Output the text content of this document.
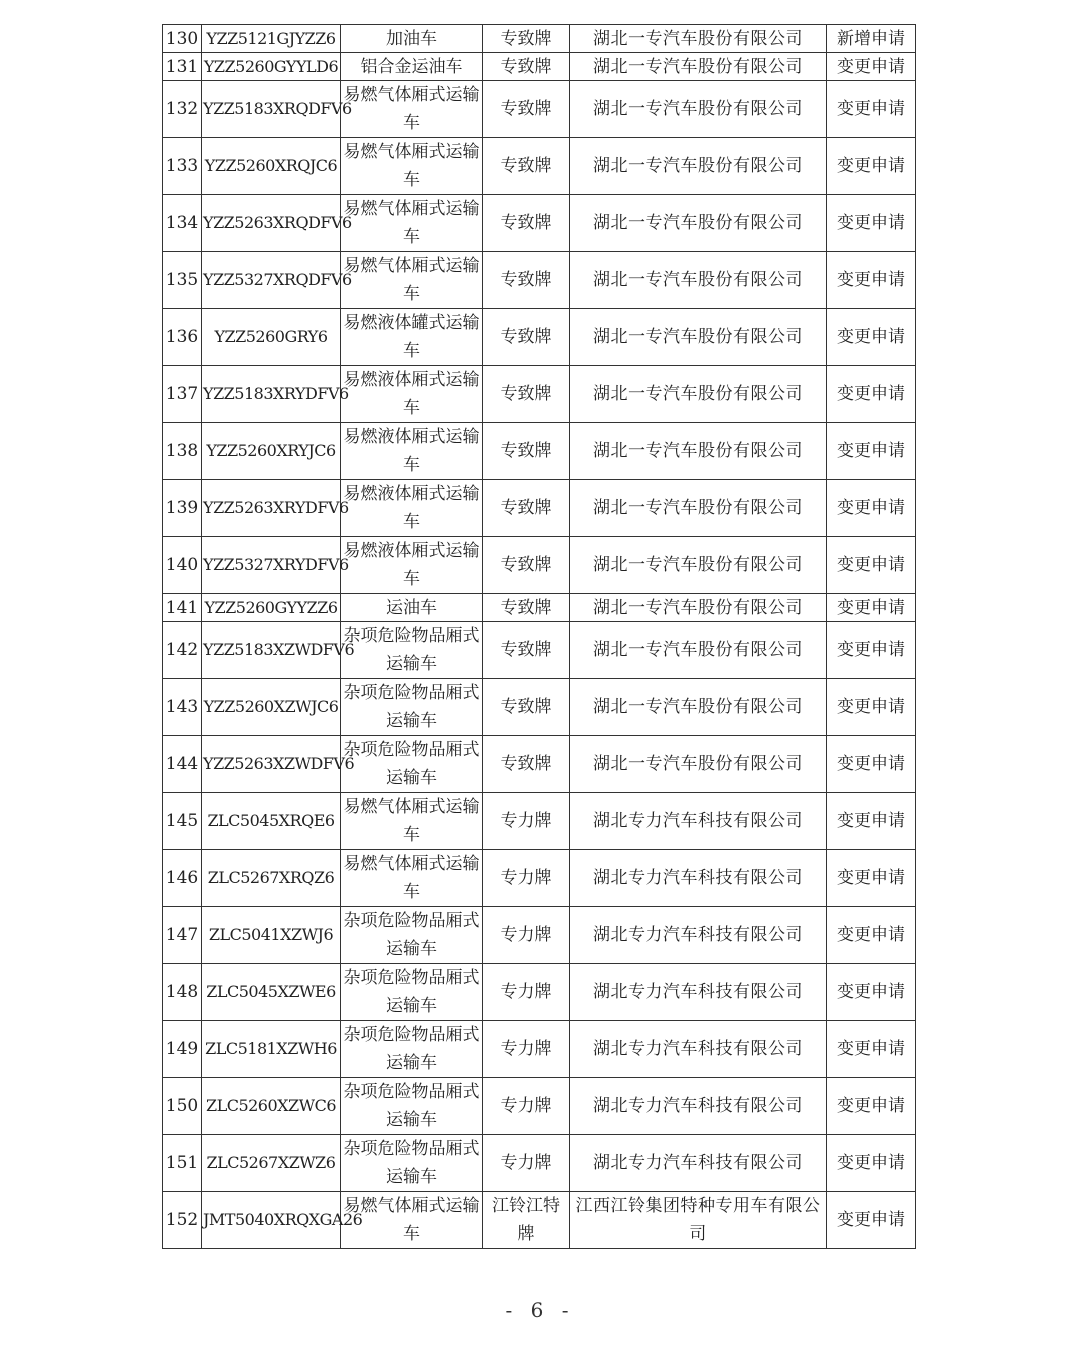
130	YZZ5121GJYZZ6	加油车	专致牌	湖北一专汽车股份有限公司	新增申请
131	YZZ5260GYYLD6	铝合金运油车	专致牌	湖北一专汽车股份有限公司	变更申请
132	YZZ5183XRQDFV6	易燃气体厢式运输车	专致牌	湖北一专汽车股份有限公司	变更申请
133	YZZ5260XRQJC6	易燃气体厢式运输车	专致牌	湖北一专汽车股份有限公司	变更申请
134	YZZ5263XRQDFV6	易燃气体厢式运输车	专致牌	湖北一专汽车股份有限公司	变更申请
135	YZZ5327XRQDFV6	易燃气体厢式运输车	专致牌	湖北一专汽车股份有限公司	变更申请
136	YZZ5260GRY6	易燃液体罐式运输车	专致牌	湖北一专汽车股份有限公司	变更申请
137	YZZ5183XRYDFV6	易燃液体厢式运输车	专致牌	湖北一专汽车股份有限公司	变更申请
138	YZZ5260XRYJC6	易燃液体厢式运输车	专致牌	湖北一专汽车股份有限公司	变更申请
139	YZZ5263XRYDFV6	易燃液体厢式运输车	专致牌	湖北一专汽车股份有限公司	变更申请
140	YZZ5327XRYDFV6	易燃液体厢式运输车	专致牌	湖北一专汽车股份有限公司	变更申请
141	YZZ5260GYYZZ6	运油车	专致牌	湖北一专汽车股份有限公司	变更申请
142	YZZ5183XZWDFV6	杂项危险物品厢式运输车	专致牌	湖北一专汽车股份有限公司	变更申请
143	YZZ5260XZWJC6	杂项危险物品厢式运输车	专致牌	湖北一专汽车股份有限公司	变更申请
144	YZZ5263XZWDFV6	杂项危险物品厢式运输车	专致牌	湖北一专汽车股份有限公司	变更申请
145	ZLC5045XRQE6	易燃气体厢式运输车	专力牌	湖北专力汽车科技有限公司	变更申请
146	ZLC5267XRQZ6	易燃气体厢式运输车	专力牌	湖北专力汽车科技有限公司	变更申请
147	ZLC5041XZWJ6	杂项危险物品厢式运输车	专力牌	湖北专力汽车科技有限公司	变更申请
148	ZLC5045XZWE6	杂项危险物品厢式运输车	专力牌	湖北专力汽车科技有限公司	变更申请
149	ZLC5181XZWH6	杂项危险物品厢式运输车	专力牌	湖北专力汽车科技有限公司	变更申请
150	ZLC5260XZWC6	杂项危险物品厢式运输车	专力牌	湖北专力汽车科技有限公司	变更申请
151	ZLC5267XZWZ6	杂项危险物品厢式运输车	专力牌	湖北专力汽车科技有限公司	变更申请
152	JMT5040XRQXGA26	易燃气体厢式运输车	江铃江特牌	江西江铃集团特种专用车有限公司	变更申请
- 6 -
